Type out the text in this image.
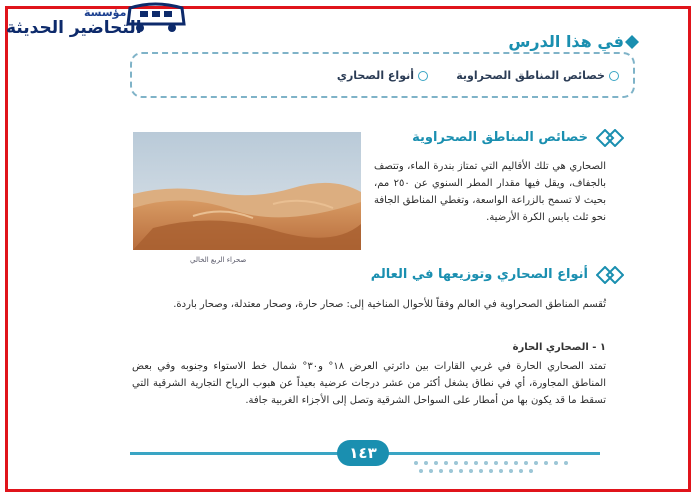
مؤسسة
التحاضير الحديثة
في هذا الدرس
خصائص المناطق الصحراوية
أنواع الصحاري
صحراء الربع الخالي
خصائص المناطق الصحراوية
الصحاري هي تلك الأقاليم التي تمتاز بندرة الماء، وتتصف بالجفاف، ويقل فيها مقدار المطر السنوي عن ٢٥٠ مم، بحيث لا تسمح بالزراعة الواسعة، وتغطي المناطق الجافة نحو ثلث يابس الكرة الأرضية.
أنواع الصحاري وتوزيعها في العالم
تُقسم المناطق الصحراوية في العالم وفقاً للأحوال المناخية إلى: صحار حارة، وصحار معتدلة، وصحار باردة.
١ - الصحاري الحارة
تمتد الصحاري الحارة في غربي القارات بين دائرتي العرض ١٨° و٣٠° شمال خط الاستواء وجنوبه وفي بعض المناطق المجاورة، أي في نطاق يشغل أكثر من عشر درجات عرضية بعيداً عن هبوب الرياح التجارية الشرقية التي تسقط ما قد يكون بها من أمطار على السواحل الشرقية وتصل إلى الأجزاء الغربية جافة.
١٤٣
